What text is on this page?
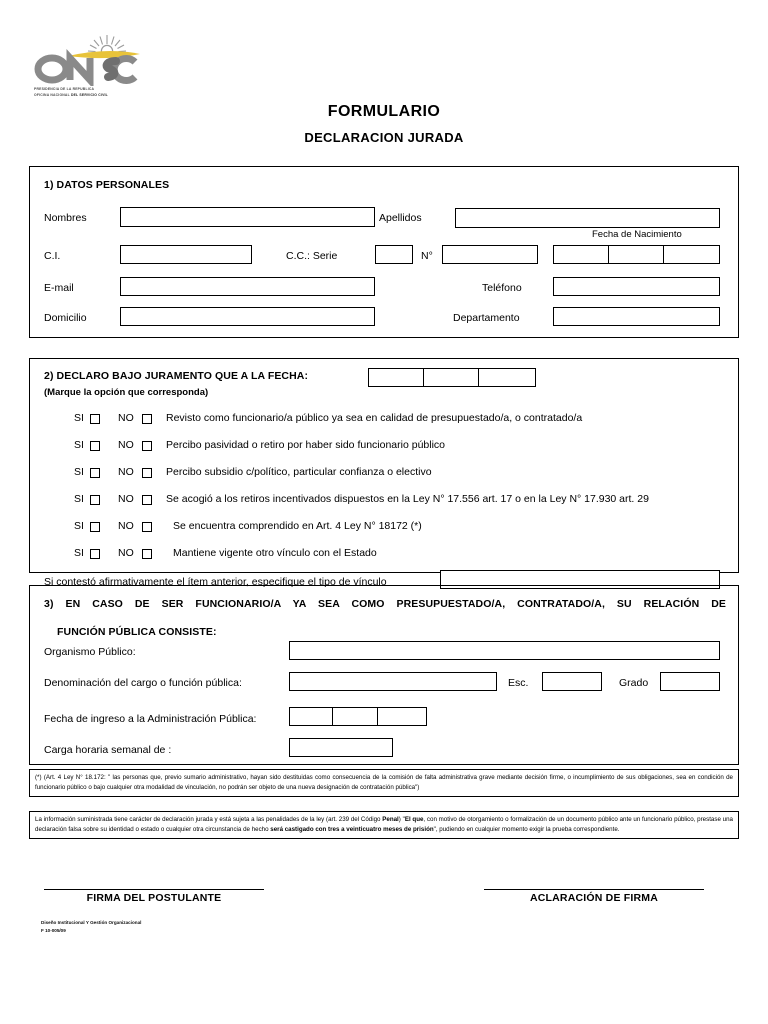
PRESIDENCIA DE LA REPUBLICA
OFICINA NACIONAL DEL SERVICIO CIVIL
FORMULARIO
DECLARACION JURADA
1) DATOS PERSONALES
Nombres	Apellidos
Fecha de Nacimiento
C.I.	C.C.: Serie	N°
E-mail	Teléfono
Domicilio	Departamento
2) DECLARO BAJO JURAMENTO QUE A LA FECHA:
(Marque la opción que corresponda)
SI	NO	Revisto como funcionario/a público ya sea en calidad de presupuestado/a, o contratado/a
SI	NO	Percibo pasividad o retiro por haber sido funcionario público
SI	NO	Percibo subsidio c/político, particular confianza o electivo
SI	NO	Se acogió a los retiros incentivados dispuestos en la Ley N° 17.556 art. 17 o en la Ley N° 17.930 art. 29
SI	NO	Se encuentra comprendido en Art. 4 Ley N° 18172 (*)
SI	NO	Mantiene vigente otro vínculo con el Estado
Si contestó afirmativamente el ítem anterior, especifique el tipo de vínculo
3) EN CASO DE SER FUNCIONARIO/A YA SEA COMO PRESUPUESTADO/A, CONTRATADO/A, SU RELACIÓN DE
FUNCIÓN PÚBLICA CONSISTE:
Organismo Público:
Denominación del cargo o función pública:	Esc.	Grado
Fecha de ingreso a la Administración Pública:
Carga horaria semanal de :
(*) (Art. 4 Ley N° 18.172: " las personas que, previo sumario administrativo, hayan sido destituidas como consecuencia de la comisión de falta administrativa grave mediante decisión firme, o incumplimiento de sus obligaciones, sea en condición de funcionario público o bajo cualquier otra modalidad de vinculación, no podrán ser objeto de una nueva designación de contratación pública")
La información suministrada tiene carácter de declaración jurada y está sujeta a las penalidades de la ley (art. 239 del Código Penal) "El que, con motivo de otorgamiento o formalización de un documento público ante un funcionario público, prestase una declaración falsa sobre su identidad o estado o cualquier otra circunstancia de hecho será castigado con tres a veinticuatro meses de prisión", pudiendo en cualquier momento exigir la prueba correspondiente.
FIRMA DEL POSTULANTE	ACLARACIÓN DE FIRMA
Diseño Institucional Y Gestión Organizacional
F 10-005/09
